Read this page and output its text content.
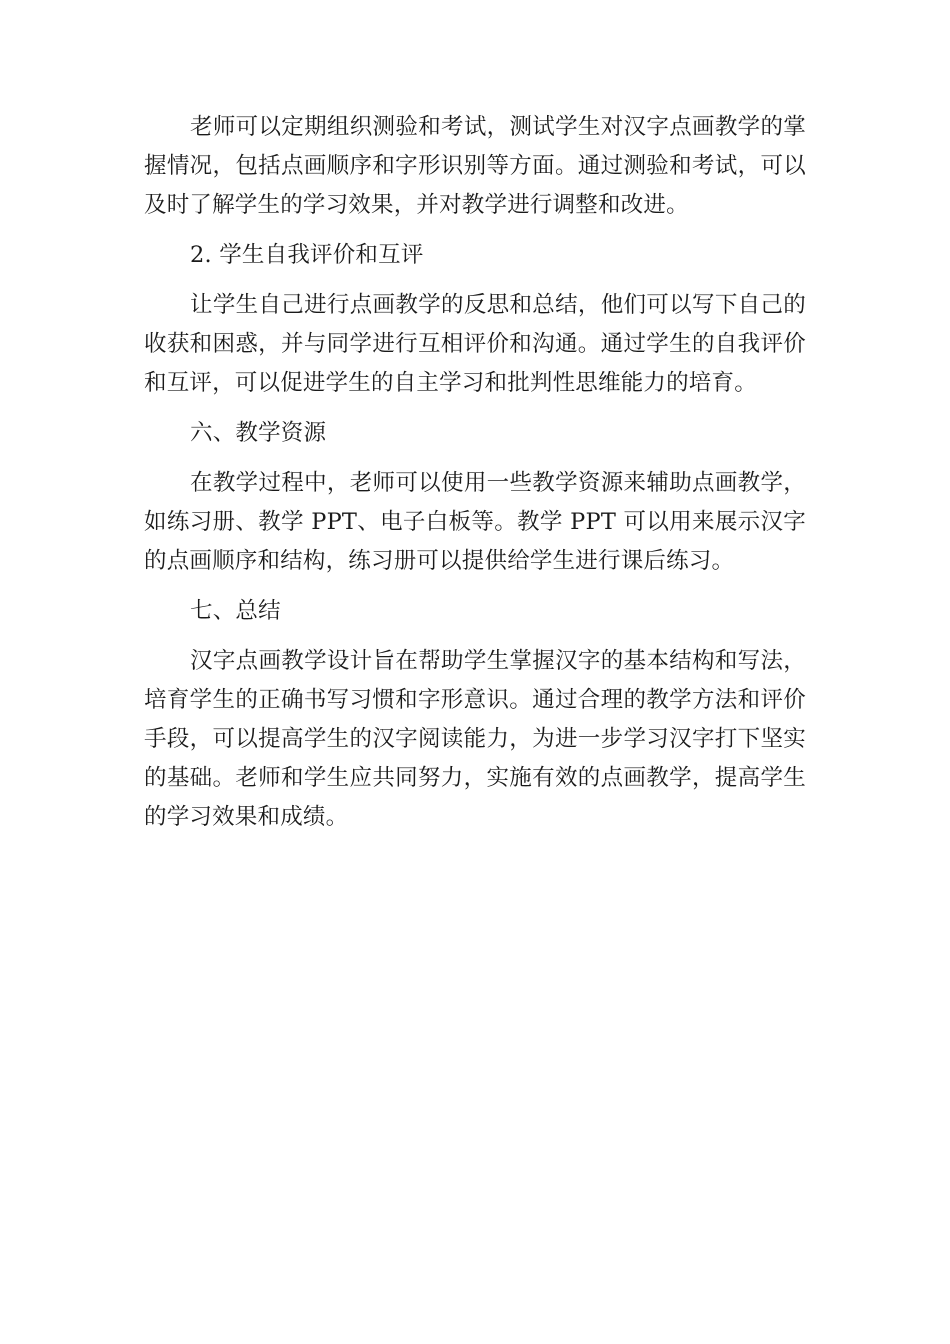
老师可以定期组织测验和考试，测试学生对汉字点画教学的掌握情况，包括点画顺序和字形识别等方面。通过测验和考试，可以及时了解学生的学习效果，并对教学进行调整和改进。

2. 学生自我评价和互评

让学生自己进行点画教学的反思和总结，他们可以写下自己的收获和困惑，并与同学进行互相评价和沟通。通过学生的自我评价和互评，可以促进学生的自主学习和批判性思维能力的培育。

六、教学资源

在教学过程中，老师可以使用一些教学资源来辅助点画教学，如练习册、教学 PPT、电子白板等。教学 PPT 可以用来展示汉字的点画顺序和结构，练习册可以提供给学生进行课后练习。

七、总结

汉字点画教学设计旨在帮助学生掌握汉字的基本结构和写法，培育学生的正确书写习惯和字形意识。通过合理的教学方法和评价手段，可以提高学生的汉字阅读能力，为进一步学习汉字打下坚实的基础。老师和学生应共同努力，实施有效的点画教学，提高学生的学习效果和成绩。
